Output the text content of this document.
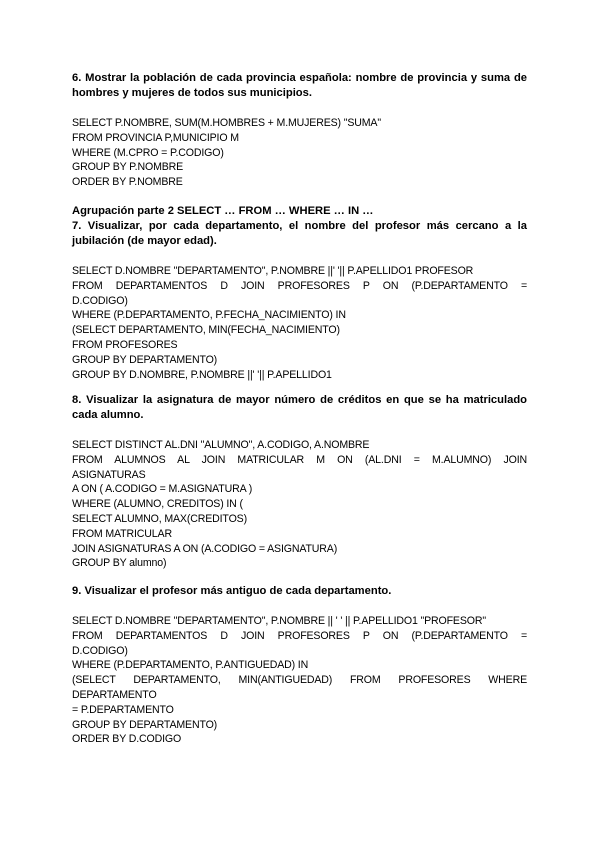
6. Mostrar la población de cada provincia española: nombre de provincia y suma de
hombres y mujeres de todos sus municipios.

SELECT P.NOMBRE, SUM(M.HOMBRES + M.MUJERES) "SUMA"
FROM PROVINCIA P,MUNICIPIO M
WHERE (M.CPRO = P.CODIGO)
GROUP BY P.NOMBRE
ORDER BY P.NOMBRE

Agrupación parte 2 SELECT … FROM … WHERE … IN …

7. Visualizar, por cada departamento, el nombre del profesor más cercano a la
jubilación (de mayor edad).

SELECT D.NOMBRE "DEPARTAMENTO", P.NOMBRE ||' '|| P.APELLIDO1 PROFESOR
FROM DEPARTAMENTOS D JOIN PROFESORES P ON (P.DEPARTAMENTO =
D.CODIGO)
WHERE (P.DEPARTAMENTO, P.FECHA_NACIMIENTO) IN
(SELECT DEPARTAMENTO, MIN(FECHA_NACIMIENTO)
FROM PROFESORES
GROUP BY DEPARTAMENTO)
GROUP BY D.NOMBRE, P.NOMBRE ||' '|| P.APELLIDO1

8. Visualizar la asignatura de mayor número de créditos en que se ha matriculado
cada alumno.

SELECT DISTINCT AL.DNI "ALUMNO", A.CODIGO, A.NOMBRE
FROM ALUMNOS AL JOIN MATRICULAR M ON (AL.DNI = M.ALUMNO) JOIN
ASIGNATURAS
A ON ( A.CODIGO = M.ASIGNATURA )
WHERE (ALUMNO, CREDITOS) IN (
SELECT ALUMNO, MAX(CREDITOS)
FROM MATRICULAR
JOIN ASIGNATURAS A ON (A.CODIGO = ASIGNATURA)
GROUP BY alumno)

9. Visualizar el profesor más antiguo de cada departamento.

SELECT D.NOMBRE "DEPARTAMENTO", P.NOMBRE || ' ' || P.APELLIDO1 "PROFESOR"
FROM DEPARTAMENTOS D JOIN PROFESORES P ON (P.DEPARTAMENTO =
D.CODIGO)
WHERE (P.DEPARTAMENTO, P.ANTIGUEDAD) IN
(SELECT DEPARTAMENTO, MIN(ANTIGUEDAD) FROM PROFESORES WHERE
DEPARTAMENTO
= P.DEPARTAMENTO
GROUP BY DEPARTAMENTO)
ORDER BY D.CODIGO
